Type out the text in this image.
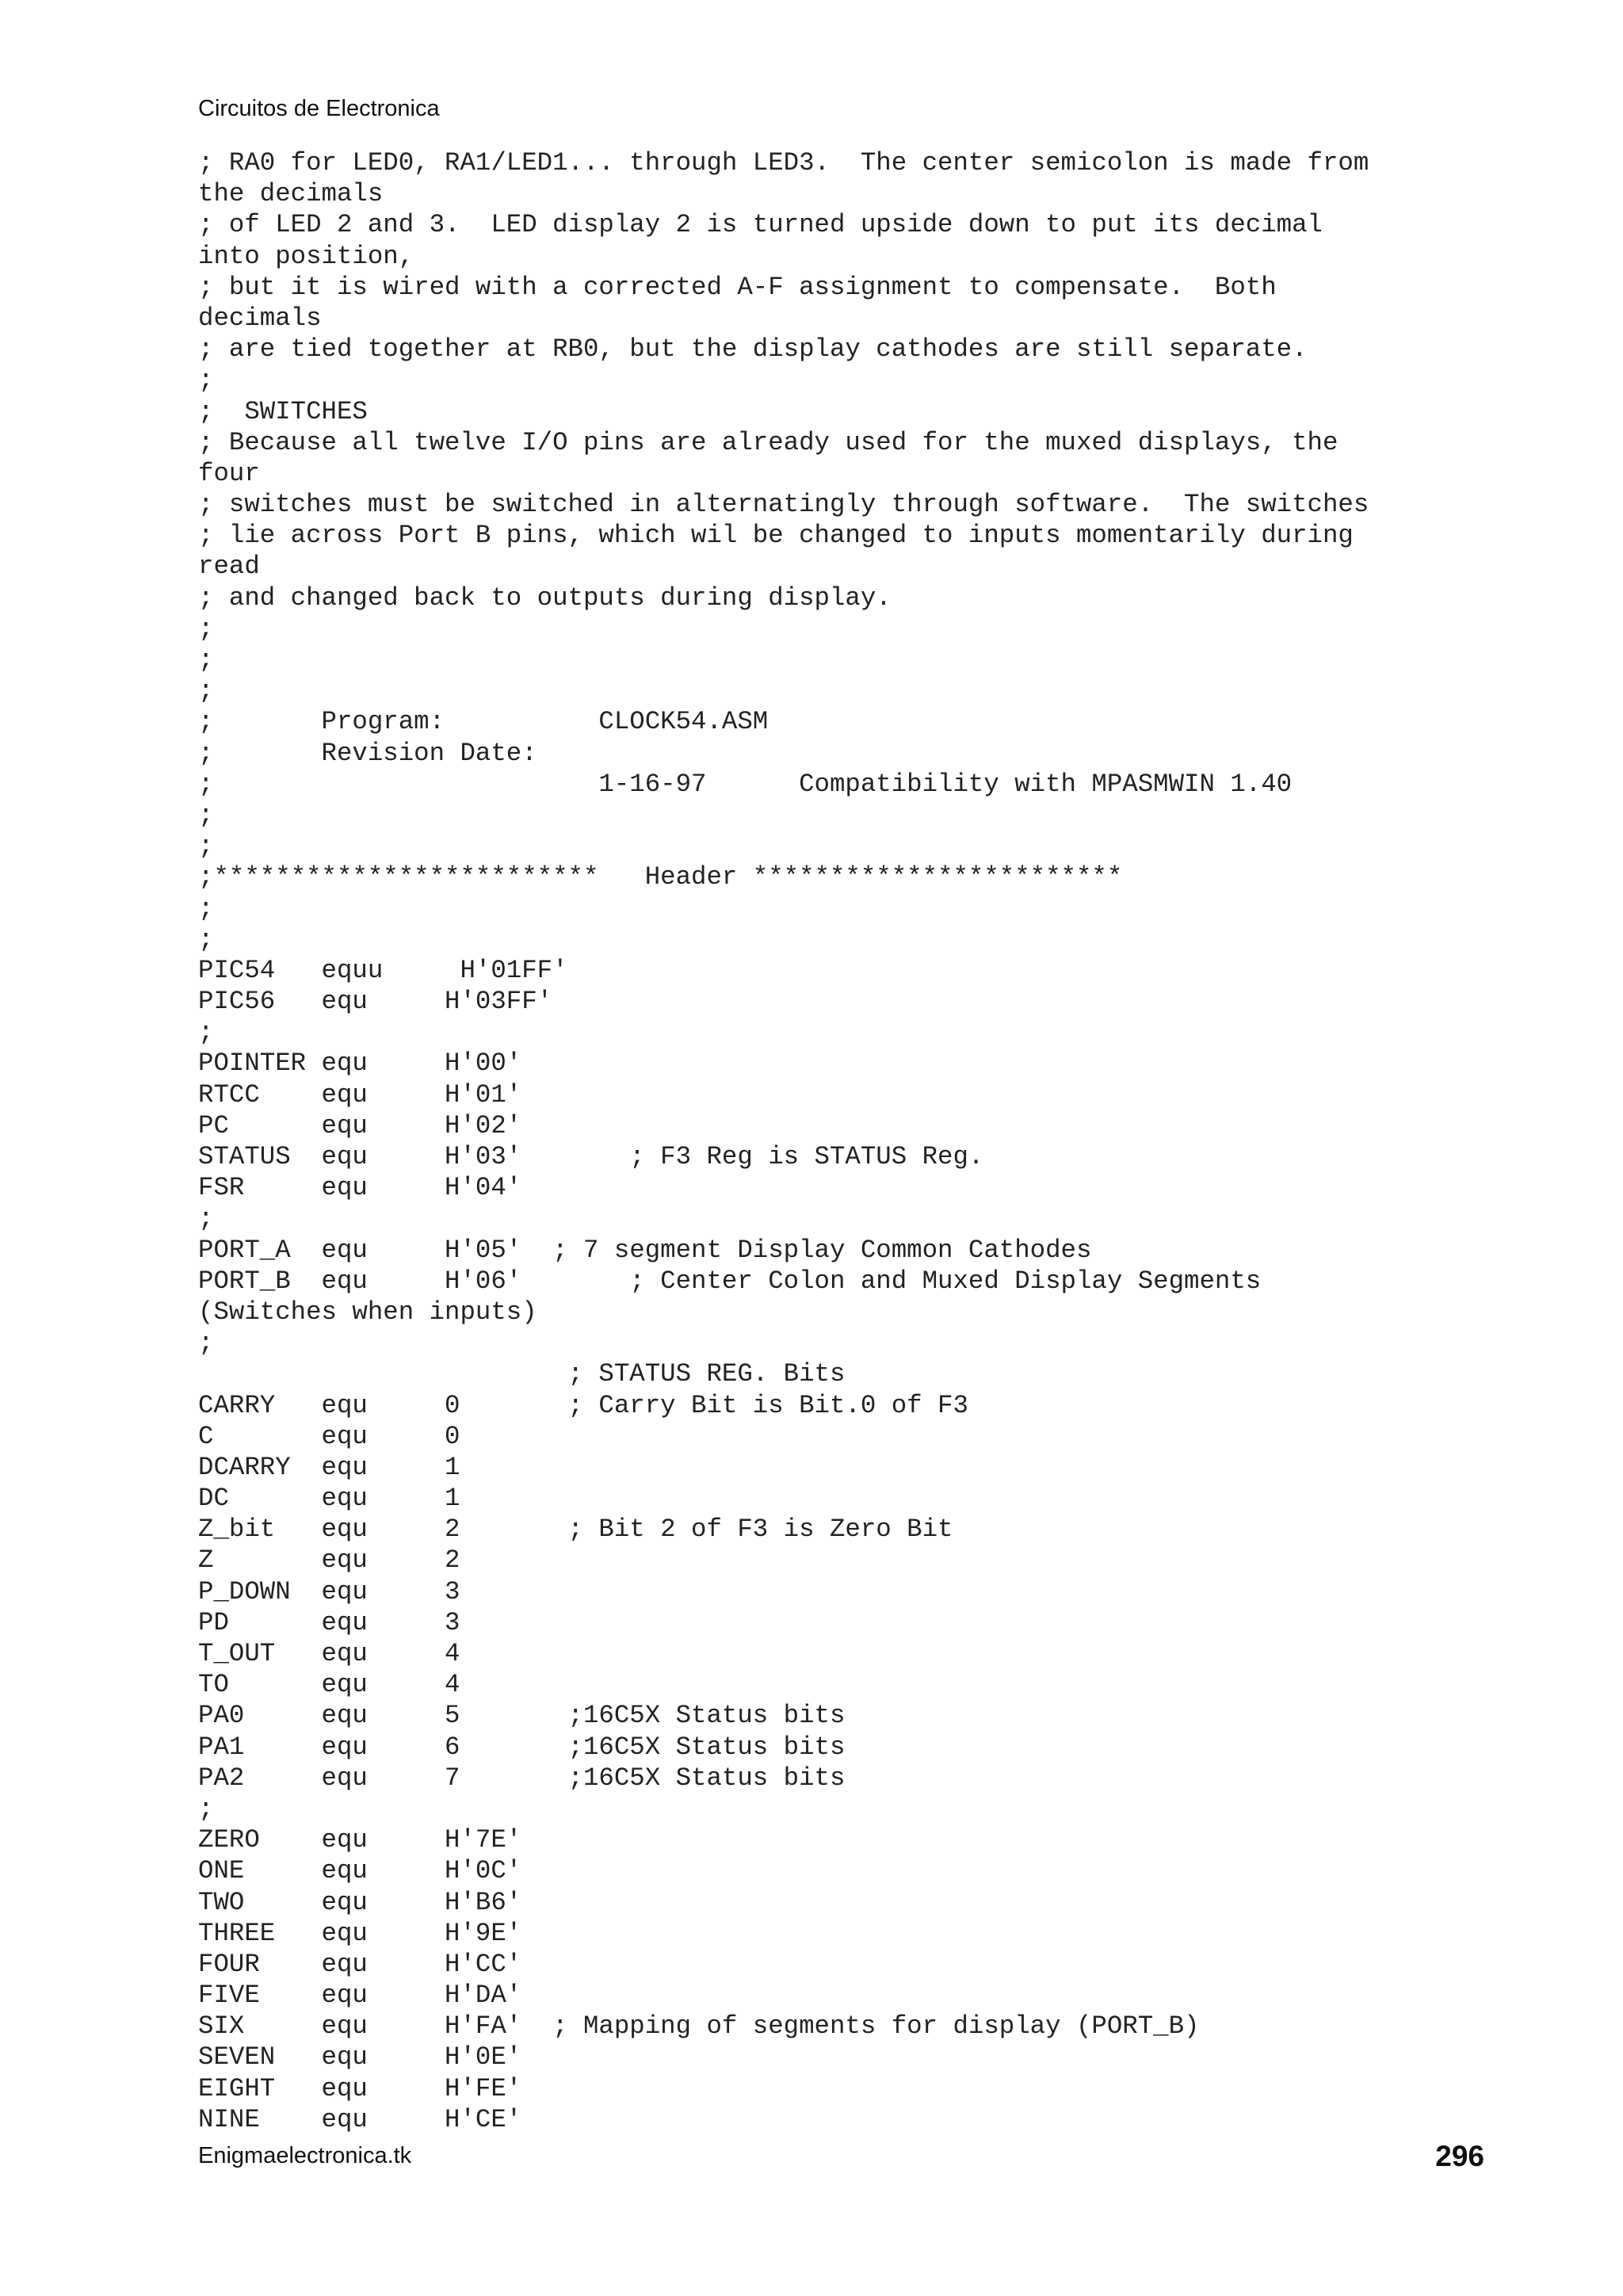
Circuitos de Electronica
; RA0 for LED0, RA1/LED1... through LED3.  The center semicolon is made from
the decimals
; of LED 2 and 3.  LED display 2 is turned upside down to put its decimal
into position,
; but it is wired with a corrected A-F assignment to compensate.  Both
decimals
; are tied together at RB0, but the display cathodes are still separate.
;
;  SWITCHES
; Because all twelve I/O pins are already used for the muxed displays, the
four
; switches must be switched in alternatingly through software.  The switches
; lie across Port B pins, which wil be changed to inputs momentarily during
read
; and changed back to outputs during display.
;
;
;
;       Program:          CLOCK54.ASM
;       Revision Date:
;                         1-16-97      Compatibility with MPASMWIN 1.40
;
;
;*************************   Header ************************
;
;
PIC54   equu     H'01FF'
PIC56   equ     H'03FF'
;
POINTER equ     H'00'
RTCC    equ     H'01'
PC      equ     H'02'
STATUS  equ     H'03'       ; F3 Reg is STATUS Reg.
FSR     equ     H'04'
;
PORT_A  equ     H'05'  ; 7 segment Display Common Cathodes
PORT_B  equ     H'06'       ; Center Colon and Muxed Display Segments
(Switches when inputs)
;
; STATUS REG. Bits
CARRY   equ     0       ; Carry Bit is Bit.0 of F3
C       equ     0
DCARRY  equ     1
DC      equ     1
Z_bit   equ     2       ; Bit 2 of F3 is Zero Bit
Z       equ     2
P_DOWN  equ     3
PD      equ     3
T_OUT   equ     4
TO      equ     4
PA0     equ     5       ;16C5X Status bits
PA1     equ     6       ;16C5X Status bits
PA2     equ     7       ;16C5X Status bits
;
ZERO    equ     H'7E'
ONE     equ     H'0C'
TWO     equ     H'B6'
THREE   equ     H'9E'
FOUR    equ     H'CC'
FIVE    equ     H'DA'
SIX     equ     H'FA'  ; Mapping of segments for display (PORT_B)
SEVEN   equ     H'0E'
EIGHT   equ     H'FE'
NINE    equ     H'CE'
Enigmaelectronica.tk	296
